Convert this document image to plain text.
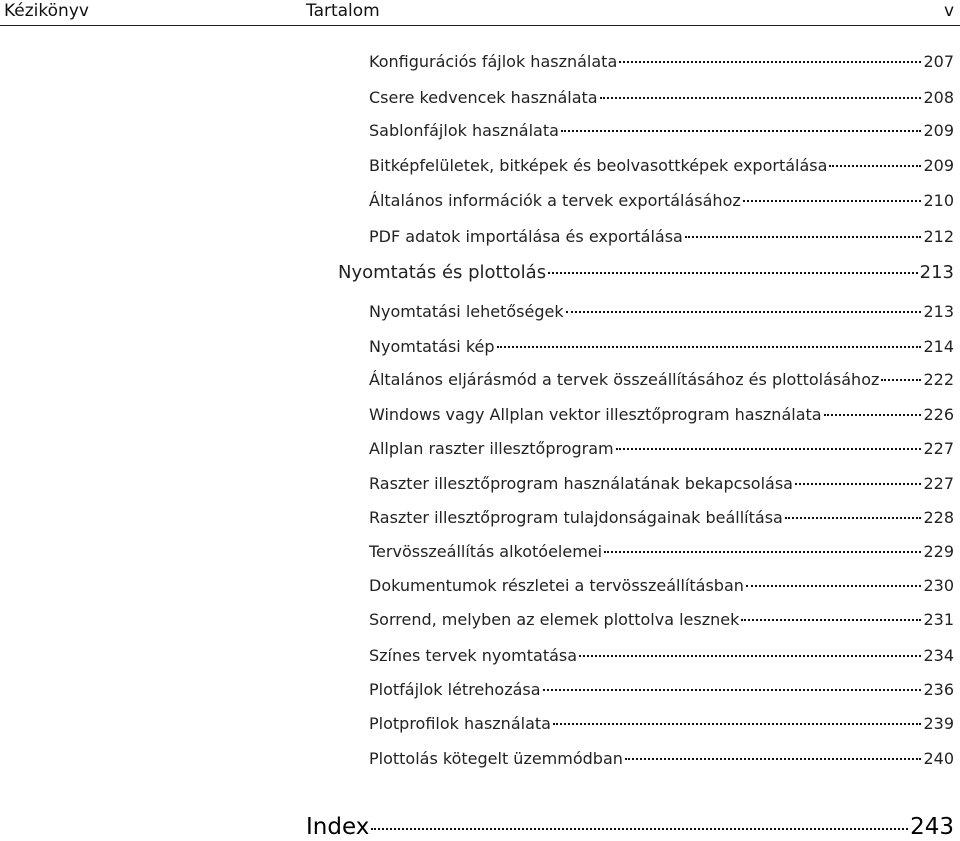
Kézikönyv	Tartalom	v
Konfigurációs fájlok használata	207
Csere kedvencek használata	208
Sablonfájlok használata	209
Bitképfelületek, bitképek és beolvasottképek exportálása	209
Általános információk a tervek exportálásához	210
PDF adatok importálása és exportálása	212
Nyomtatás és plottolás	213
Nyomtatási lehetőségek	213
Nyomtatási kép	214
Általános eljárásmód a tervek összeállításához és plottolásához	222
Windows vagy Allplan vektor illesztőprogram használata	226
Allplan raszter illesztőprogram	227
Raszter illesztőprogram használatának bekapcsolása	227
Raszter illesztőprogram tulajdonságainak beállítása	228
Tervösszeállítás alkotóelemei	229
Dokumentumok részletei a tervösszeállításban	230
Sorrend, melyben az elemek plottolva lesznek	231
Színes tervek nyomtatása	234
Plotfájlok létrehozása	236
Plotprofilok használata	239
Plottolás kötegelt üzemmódban	240
Index	243
